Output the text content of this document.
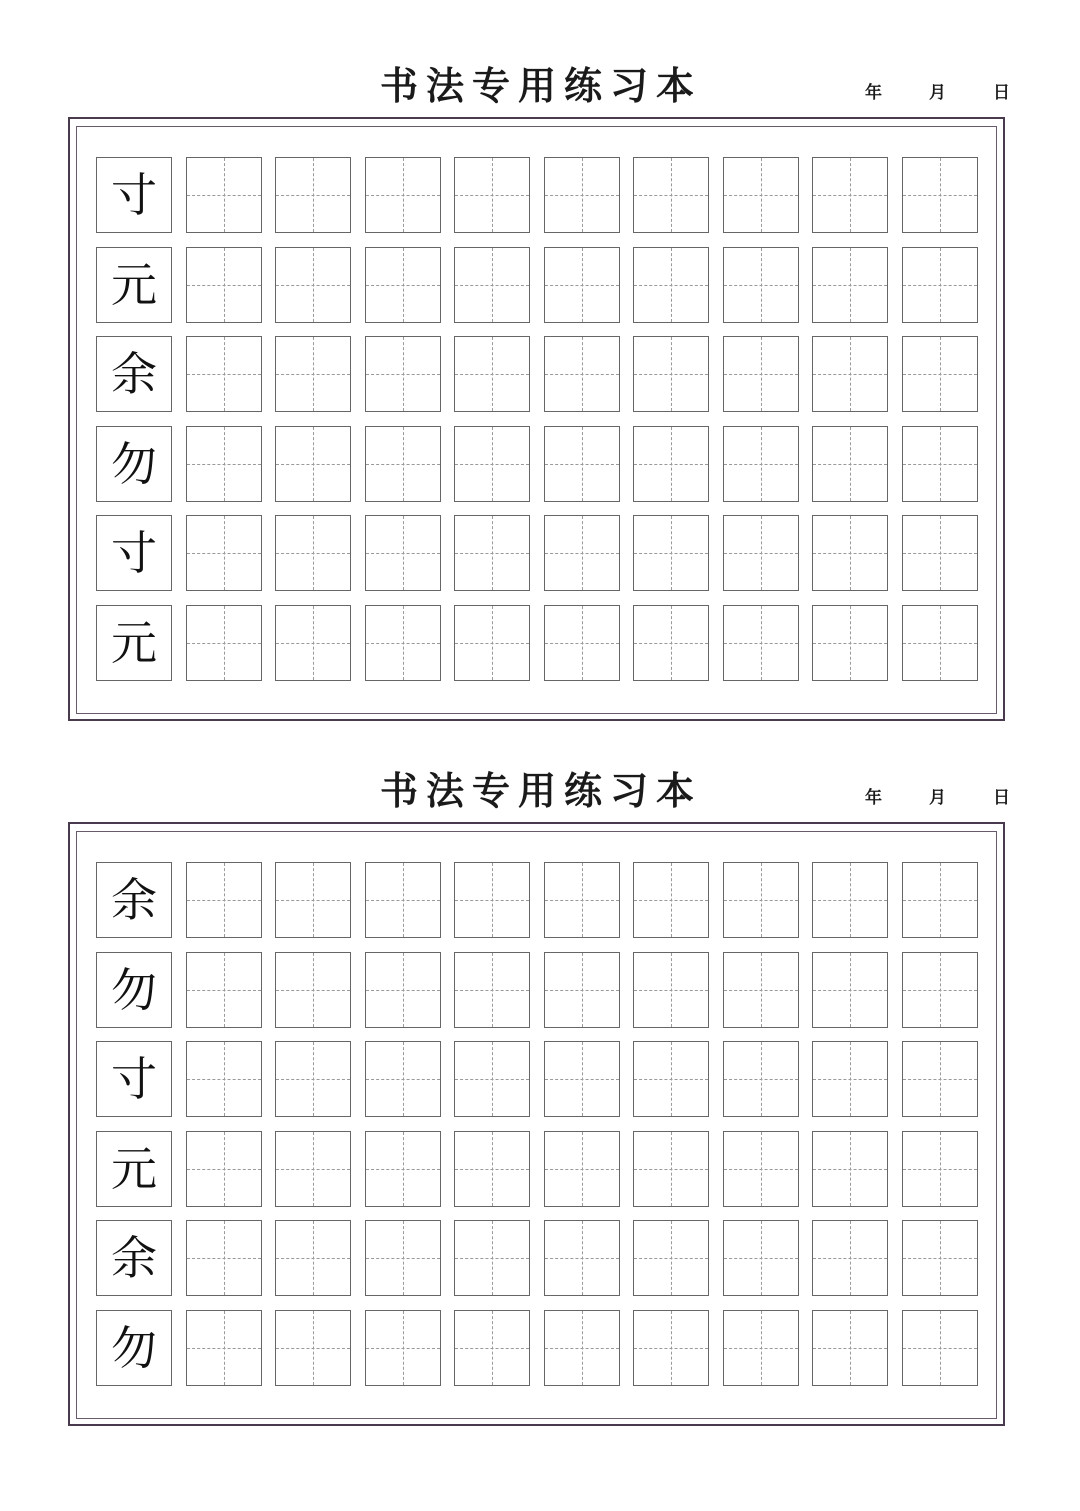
书法专用练习本	年	月	日
寸
元
余
勿
寸
元
书法专用练习本	年	月	日
余
勿
寸
元
余
勿
